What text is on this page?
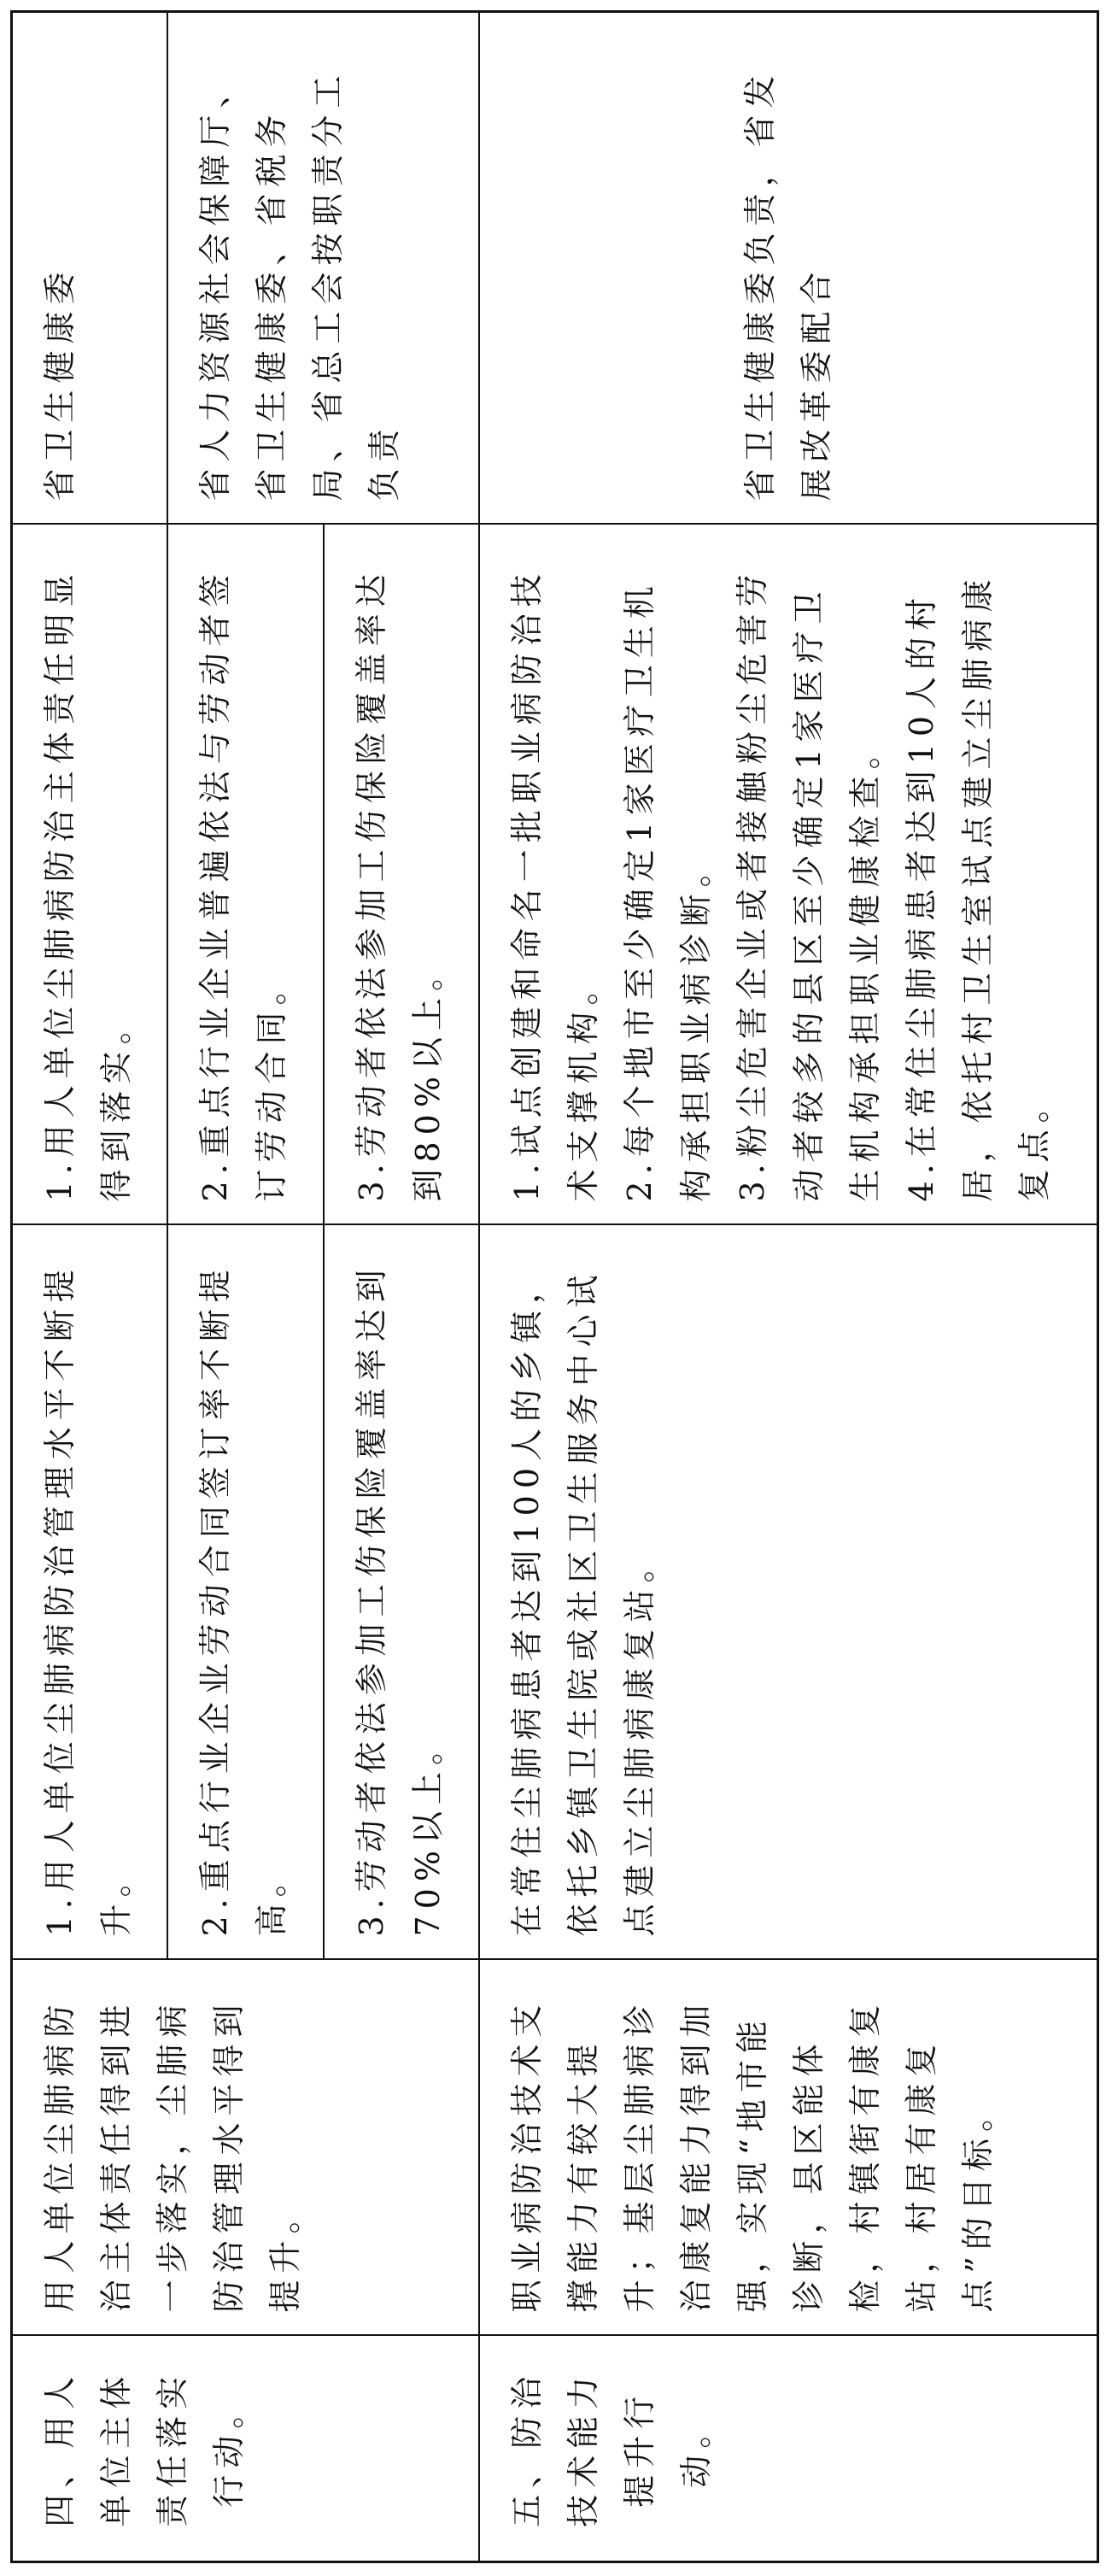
四、用人单位主体责任落实行动。	用人单位尘肺病防治主体责任得到进一步落实，尘肺病防治管理水平得到提升。	1.用人单位尘肺病防治管理水平不断提升。	1.用人单位尘肺病防治主体责任明显得到落实。	省卫生健康委

		2.重点行业企业劳动合同签订率不断提高。	2.重点行业企业普遍依法与劳动者签订劳动合同。	省人力资源社会保障厅、省卫生健康委、省税务局、省总工会按职责分工负责

		3.劳动者依法参加工伤保险覆盖率达到70%以上。	3.劳动者依法参加工伤保险覆盖率达到80%以上。	

五、防治技术能力提升行动。	职业病防治技术支撑能力有较大提升；基层尘肺病诊治康复能力得到加强，实现“地市能诊断，县区能体检，村镇街有康复站，村居有康复点”的目标。	在常住尘肺病患者达到100人的乡镇，依托乡镇卫生院或社区卫生服务中心试点建立尘肺病康复站。	1.试点创建和命名一批职业病防治技术支撑机构。
2.每个地市至少确定1家医疗卫生机构承担职业病诊断。
3.粉尘危害企业或者接触粉尘危害劳动者较多的县区至少确定1家医疗卫生机构承担职业健康检查。
4.在常住尘肺病患者达到10人的村居，依托村卫生室试点建立尘肺病康复点。	省卫生健康委负责，省发展改革委配合
